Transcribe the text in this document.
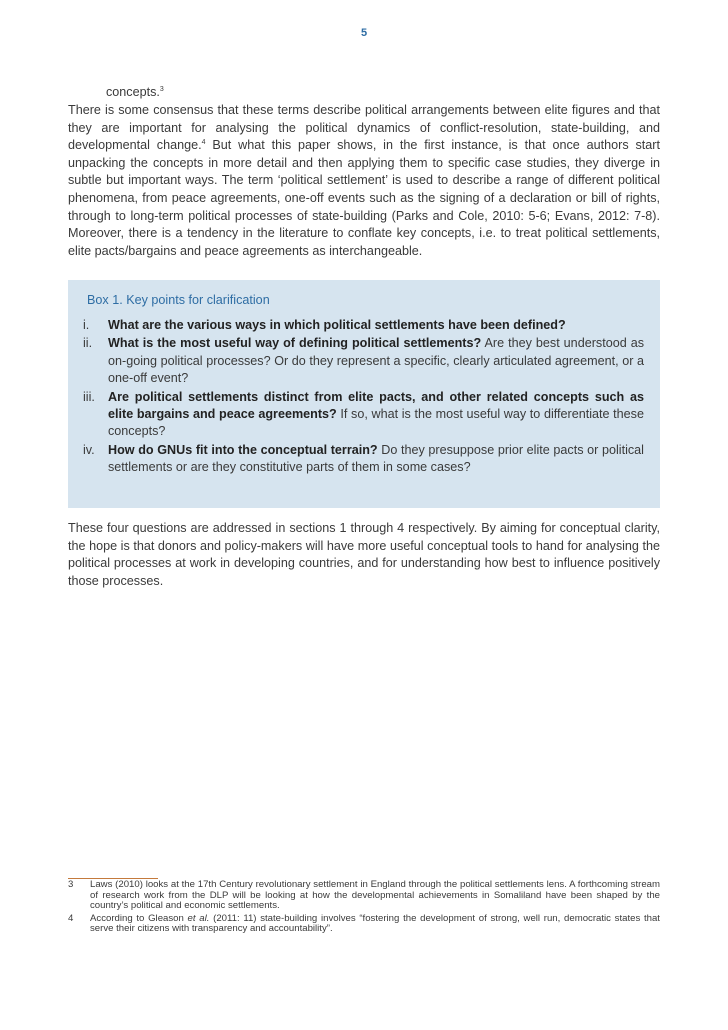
5
concepts.$^3$
There is some consensus that these terms describe political arrangements between elite figures and that they are important for analysing the political dynamics of conflict-resolution, state-building, and developmental change.$^4$ But what this paper shows, in the first instance, is that once authors start unpacking the concepts in more detail and then applying them to specific case studies, they diverge in subtle but important ways. The term ‘political settlement’ is used to describe a range of different political phenomena, from peace agreements, one-off events such as the signing of a declaration or bill of rights, through to long-term political processes of state-building (Parks and Cole, 2010: 5-6; Evans, 2012: 7-8). Moreover, there is a tendency in the literature to conflate key concepts, i.e. to treat political settlements, elite pacts/bargains and peace agreements as interchangeable.
Box 1. Key points for clarification
i. What are the various ways in which political settlements have been defined?
ii. What is the most useful way of defining political settlements? Are they best understood as on-going political processes? Or do they represent a specific, clearly articulated agreement, or a one-off event?
iii. Are political settlements distinct from elite pacts, and other related concepts such as elite bargains and peace agreements? If so, what is the most useful way to differentiate these concepts?
iv. How do GNUs fit into the conceptual terrain? Do they presuppose prior elite pacts or political settlements or are they constitutive parts of them in some cases?
These four questions are addressed in sections 1 through 4 respectively. By aiming for conceptual clarity, the hope is that donors and policy-makers will have more useful conceptual tools to hand for analysing the political processes at work in developing countries, and for understanding how best to influence positively those processes.
3 Laws (2010) looks at the 17th Century revolutionary settlement in England through the political settlements lens. A forthcoming stream of research work from the DLP will be looking at how the developmental achievements in Somaliland have been shaped by the country’s political and economic settlements.
4 According to Gleason et al. (2011: 11) state-building involves “fostering the development of strong, well run, democratic states that serve their citizens with transparency and accountability”.
